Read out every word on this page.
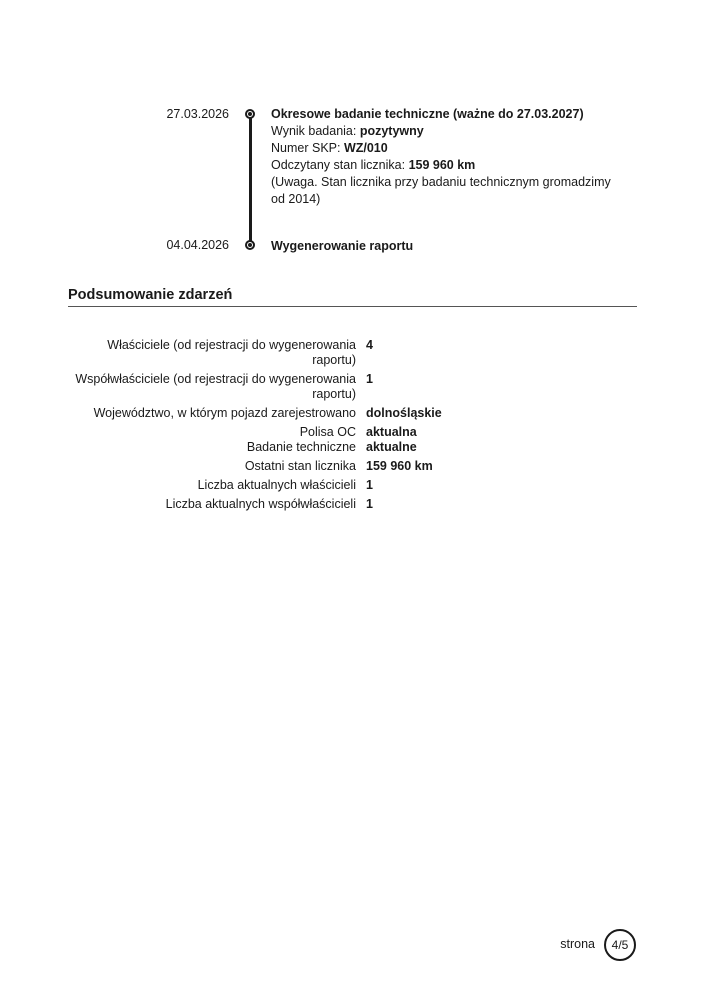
27.03.2026	Okresowe badanie techniczne (ważne do 27.03.2027)
Wynik badania: pozytywny
Numer SKP: WZ/010
Odczytany stan licznika: 159 960 km
(Uwaga. Stan licznika przy badaniu technicznym gromadzimy od 2014)
04.04.2026	Wygenerowanie raportu
Podsumowanie zdarzeń
Właściciele (od rejestracji do wygenerowania raportu)
4
Współwłaściciele (od rejestracji do wygenerowania raportu)
1
Województwo, w którym pojazd zarejestrowano dolnośląskie
Polisa OC aktualna
Badanie techniczne aktualne
Ostatni stan licznika 159 960 km
Liczba aktualnych właścicieli 1
Liczba aktualnych współwłaścicieli 1
strona 4/5
